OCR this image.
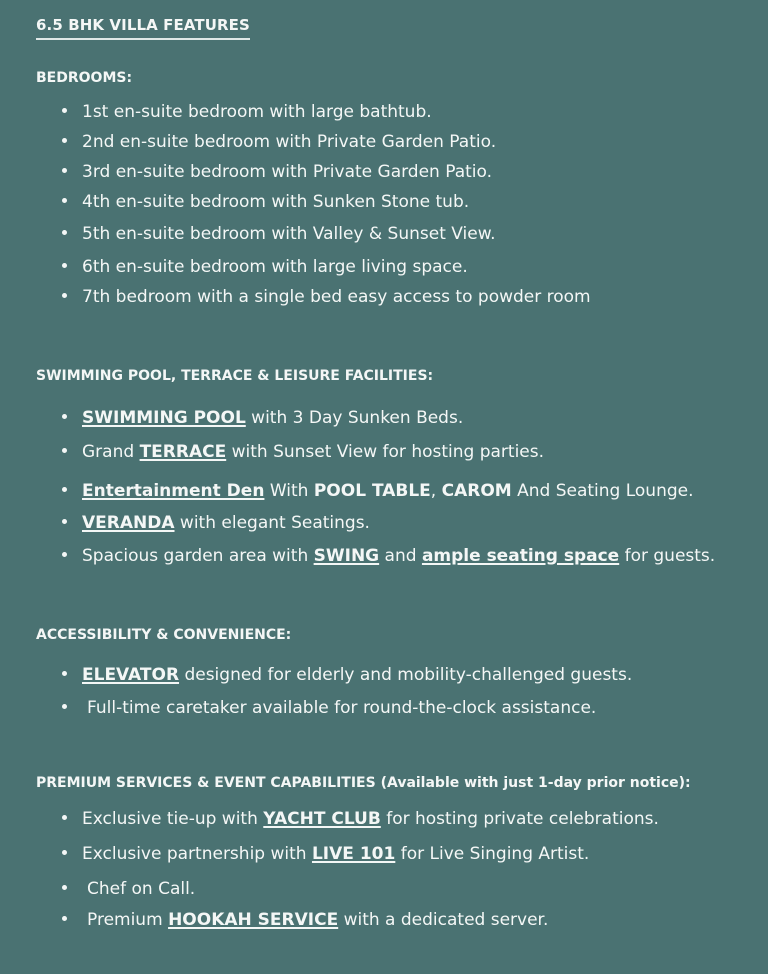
6.5 BHK VILLA FEATURES
BEDROOMS:
1st en-suite bedroom with large bathtub.
2nd en-suite bedroom with Private Garden Patio.
3rd en-suite bedroom with Private Garden Patio.
4th en-suite bedroom with Sunken Stone tub.
5th en-suite bedroom with Valley & Sunset View.
6th en-suite bedroom with large living space.
7th bedroom with a single bed easy access to powder room
SWIMMING POOL, TERRACE & LEISURE FACILITIES:
SWIMMING POOL with 3 Day Sunken Beds.
Grand TERRACE with Sunset View for hosting parties.
Entertainment Den With POOL TABLE, CAROM And Seating Lounge.
VERANDA with elegant Seatings.
Spacious garden area with SWING and ample seating space for guests.
ACCESSIBILITY & CONVENIENCE:
ELEVATOR designed for elderly and mobility-challenged guests.
Full-time caretaker available for round-the-clock assistance.
PREMIUM SERVICES & EVENT CAPABILITIES (Available with just 1-day prior notice):
Exclusive tie-up with YACHT CLUB for hosting private celebrations.
Exclusive partnership with LIVE 101 for Live Singing Artist.
Chef on Call.
Premium HOOKAH SERVICE with a dedicated server.
